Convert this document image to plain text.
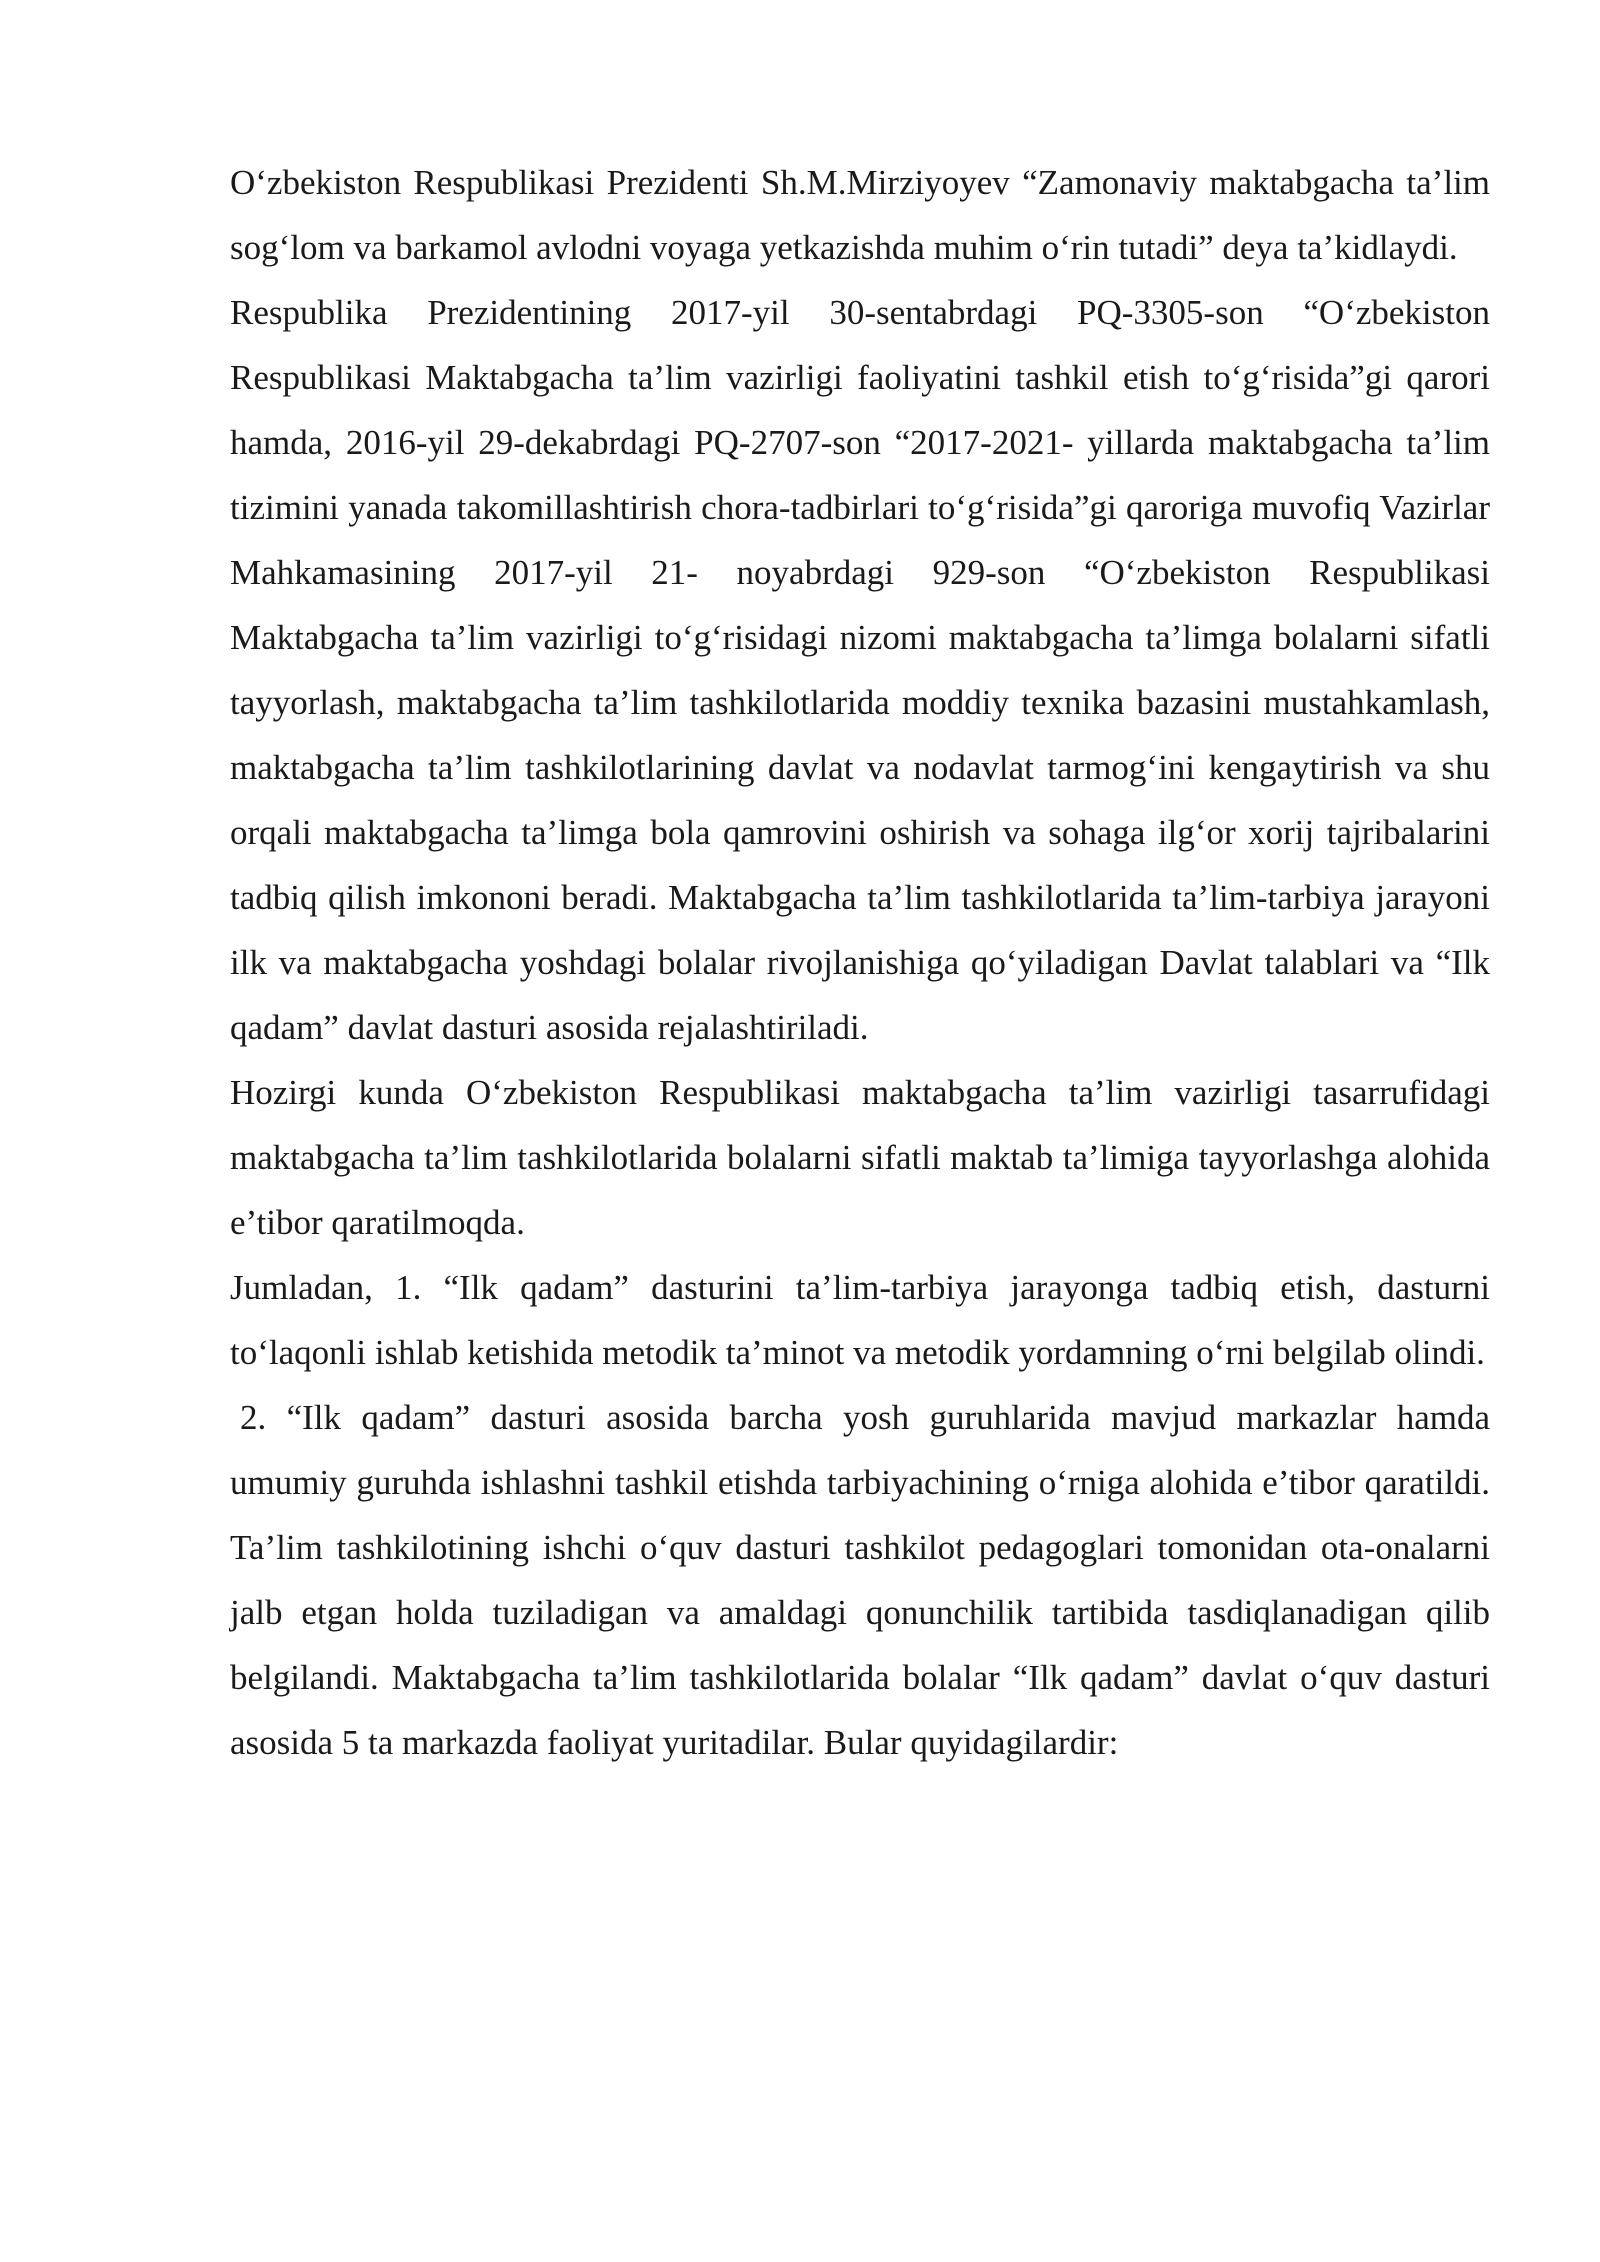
O‘zbekiston Respublikasi Prezidenti Sh.M.Mirziyoyev “Zamonaviy maktabgacha ta’lim sog‘lom va barkamol avlodni voyaga yetkazishda muhim o‘rin tutadi” deya ta’kidlaydi.

Respublika Prezidentining 2017-yil 30-sentabrdagi PQ-3305-son “O‘zbekiston Respublikasi Maktabgacha ta’lim vazirligi faoliyatini tashkil etish to‘g‘risida”gi qarori hamda, 2016-yil 29-dekabrdagi PQ-2707-son “2017-2021- yillarda maktabgacha ta’lim tizimini yanada takomillashtirish chora-tadbirlari to‘g‘risida”gi qaroriga muvofiq Vazirlar Mahkamasining 2017-yil 21- noyabrdagi 929-son “O‘zbekiston Respublikasi Maktabgacha ta’lim vazirligi to‘g‘risidagi nizomi maktabgacha ta’limga bolalarni sifatli tayyorlash, maktabgacha ta’lim tashkilotlarida moddiy texnika bazasini mustahkamlash, maktabgacha ta’lim tashkilotlarining davlat va nodavlat tarmog‘ini kengaytirish va shu orqali maktabgacha ta’limga bola qamrovini oshirish va sohaga ilg‘or xorij tajribalarini tadbiq qilish imkononi beradi. Maktabgacha ta’lim tashkilotlarida ta’lim-tarbiya jarayoni ilk va maktabgacha yoshdagi bolalar rivojlanishiga qo‘yiladigan Davlat talablari va “Ilk qadam” davlat dasturi asosida rejalashtiriladi.

Hozirgi kunda O‘zbekiston Respublikasi maktabgacha ta’lim vazirligi tasarrufidagi maktabgacha ta’lim tashkilotlarida bolalarni sifatli maktab ta’limiga tayyorlashga alohida e’tibor qaratilmoqda.

Jumladan, 1. “Ilk qadam” dasturini ta’lim-tarbiya jarayonga tadbiq etish, dasturni to‘laqonli ishlab ketishida metodik ta’minot va metodik yordamning o‘rni belgilab olindi.

2. “Ilk qadam” dasturi asosida barcha yosh guruhlarida mavjud markazlar hamda umumiy guruhda ishlashni tashkil etishda tarbiyachining o‘rniga alohida e’tibor qaratildi. Ta’lim tashkilotining ishchi o‘quv dasturi tashkilot pedagoglari tomonidan ota-onalarni jalb etgan holda tuziladigan va amaldagi qonunchilik tartibida tasdiqlanadigan qilib belgilandi. Maktabgacha ta’lim tashkilotlarida bolalar “Ilk qadam” davlat o‘quv dasturi asosida 5 ta markazda faoliyat yuritadilar. Bular quyidagilardir:
